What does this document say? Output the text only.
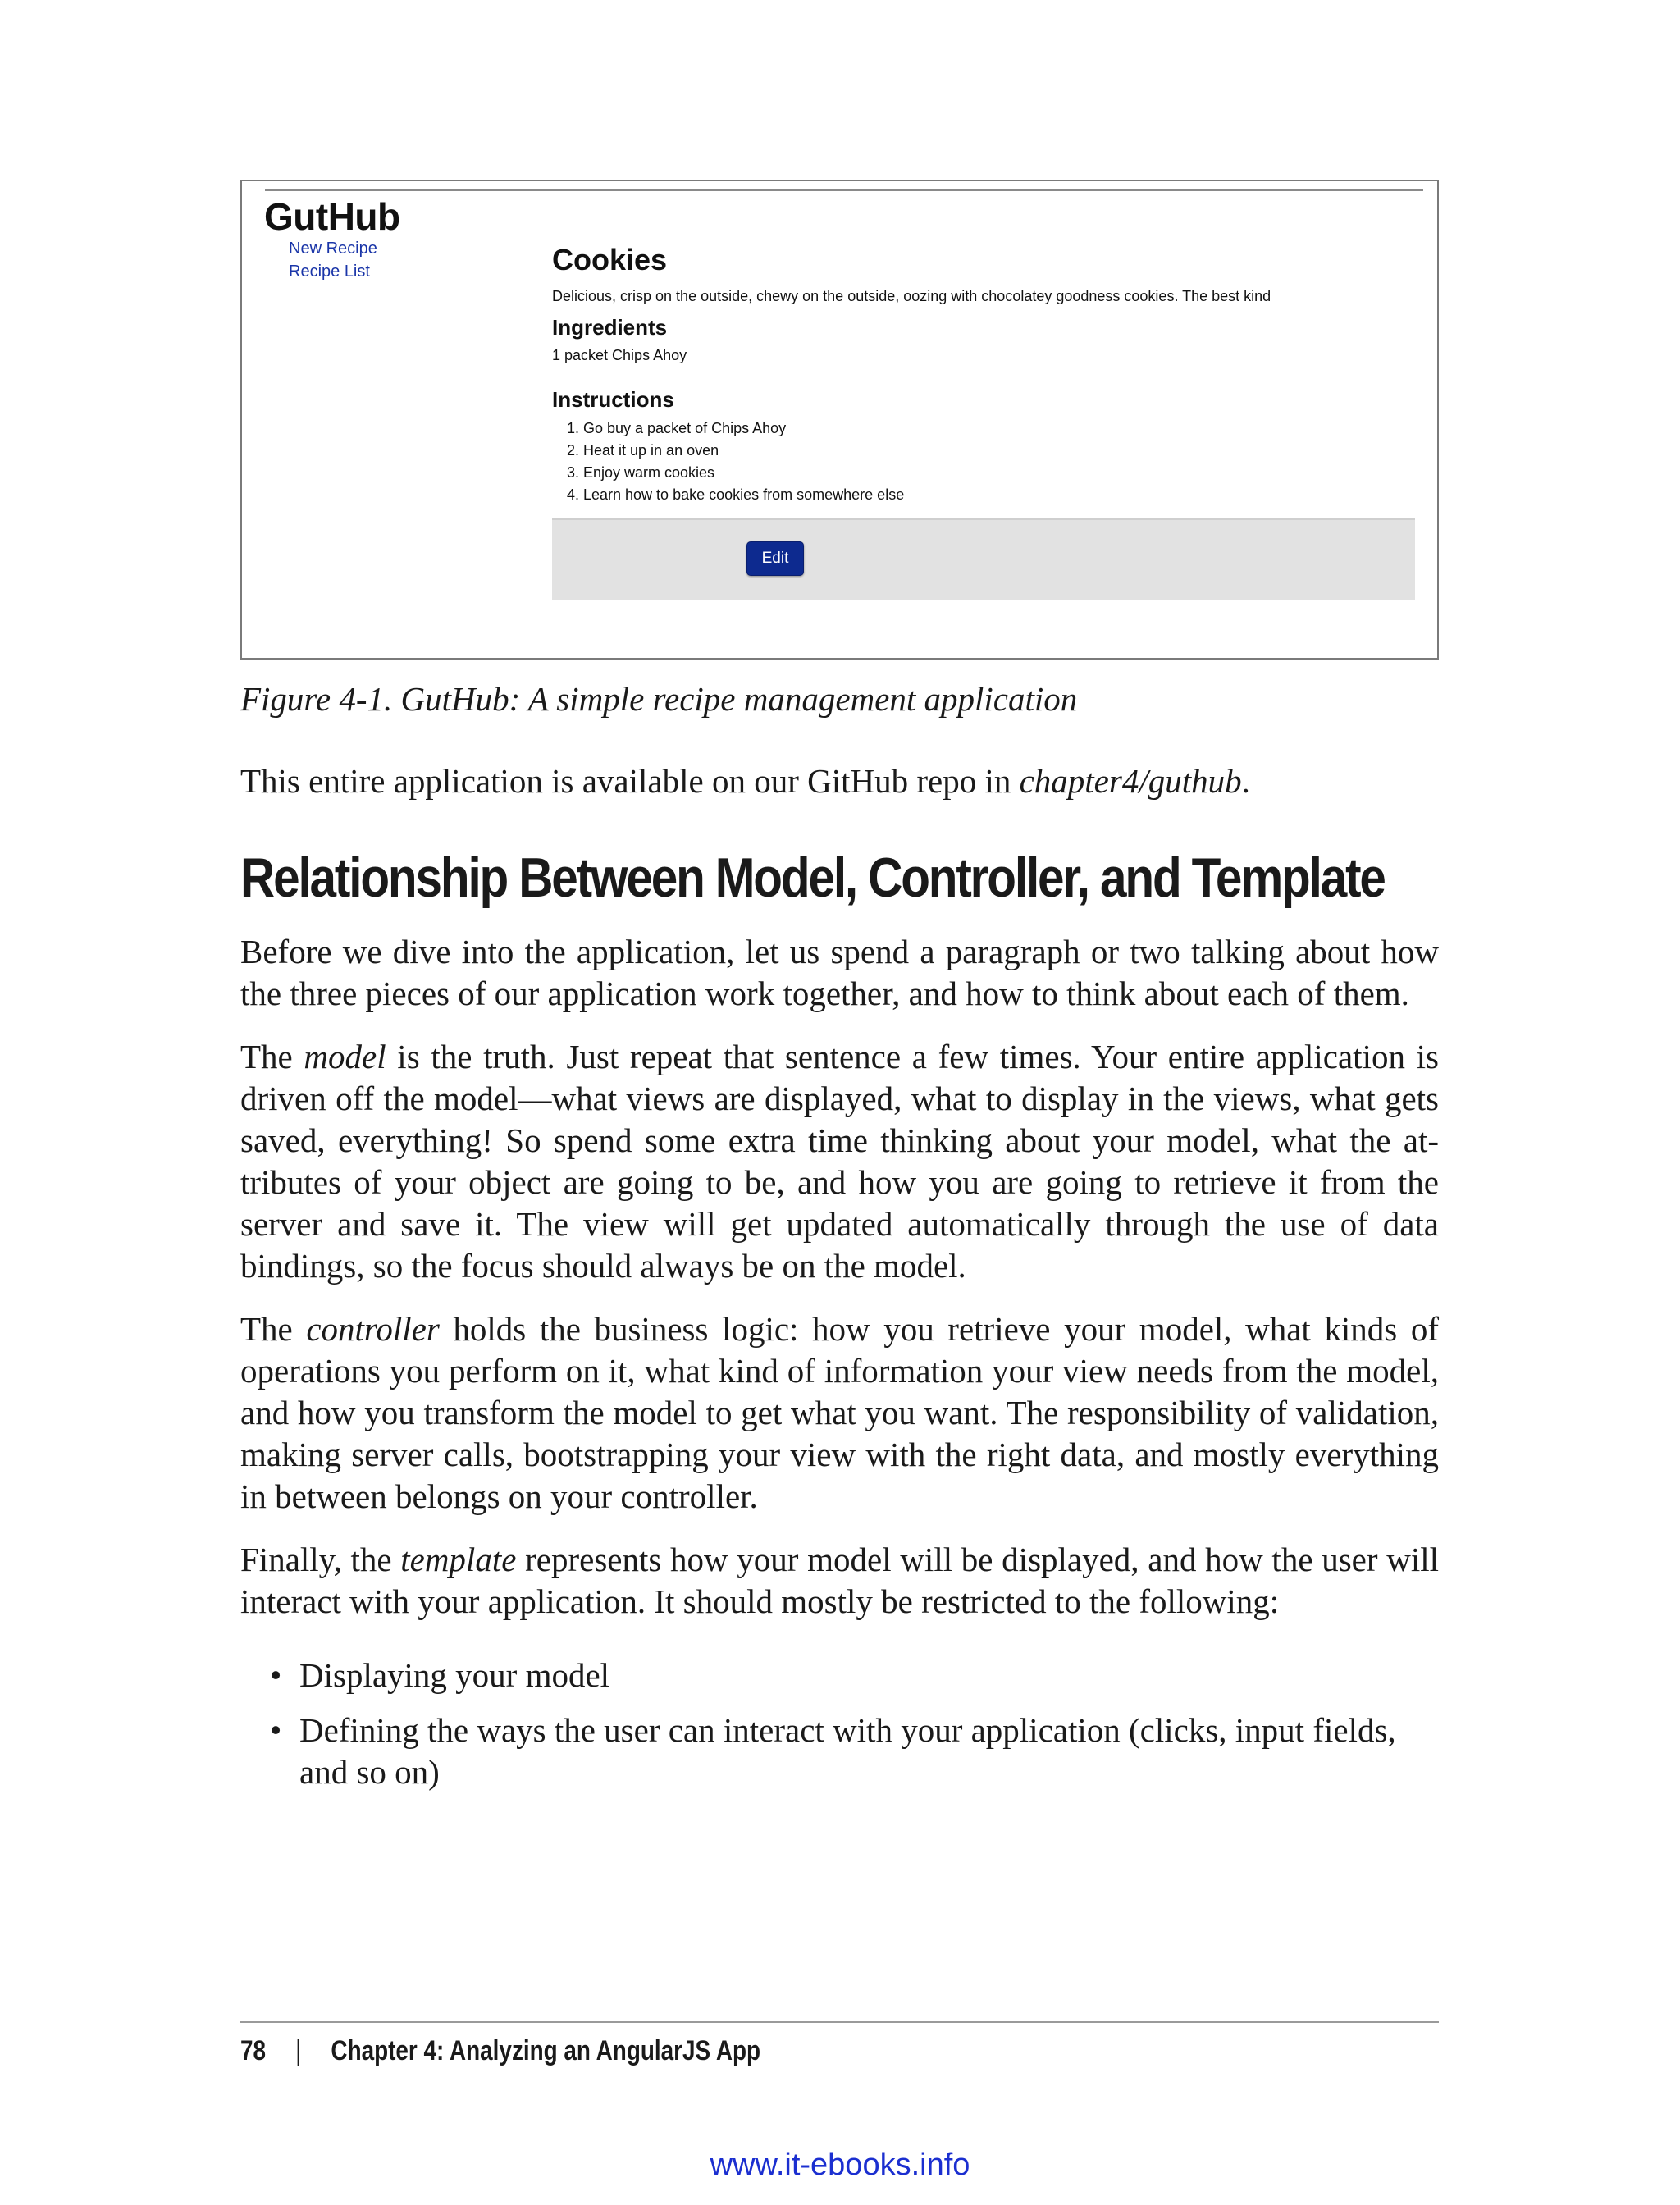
GutHub
New Recipe
Recipe List	Cookies

Delicious, crisp on the outside, chewy on the outside, oozing with chocolatey goodness cookies. The best kind

Ingredients

1 packet Chips Ahoy

Instructions
1. Go buy a packet of Chips Ahoy
2. Heat it up in an oven
3. Enjoy warm cookies
4. Learn how to bake cookies from somewhere else
Edit

Figure 4-1. GutHub: A simple recipe management application

This entire application is available on our GitHub repo in chapter4/guthub.

Relationship Between Model, Controller, and Template

Before we dive into the application, let us spend a paragraph or two talking about how the three pieces of our application work together, and how to think about each of them.

The model is the truth. Just repeat that sentence a few times. Your entire application is driven off the model—what views are displayed, what to display in the views, what gets saved, everything! So spend some extra time thinking about your model, what the attributes of your object are going to be, and how you are going to retrieve it from the server and save it. The view will get updated automatically through the use of data bindings, so the focus should always be on the model.

The controller holds the business logic: how you retrieve your model, what kinds of operations you perform on it, what kind of information your view needs from the model, and how you transform the model to get what you want. The responsibility of validation, making server calls, bootstrapping your view with the right data, and mostly everything in between belongs on your controller.

Finally, the template represents how your model will be displayed, and how the user will interact with your application. It should mostly be restricted to the following:

• Displaying your model
• Defining the ways the user can interact with your application (clicks, input fields, and so on)
78 | Chapter 4: Analyzing an AngularJS App
www.it-ebooks.info
